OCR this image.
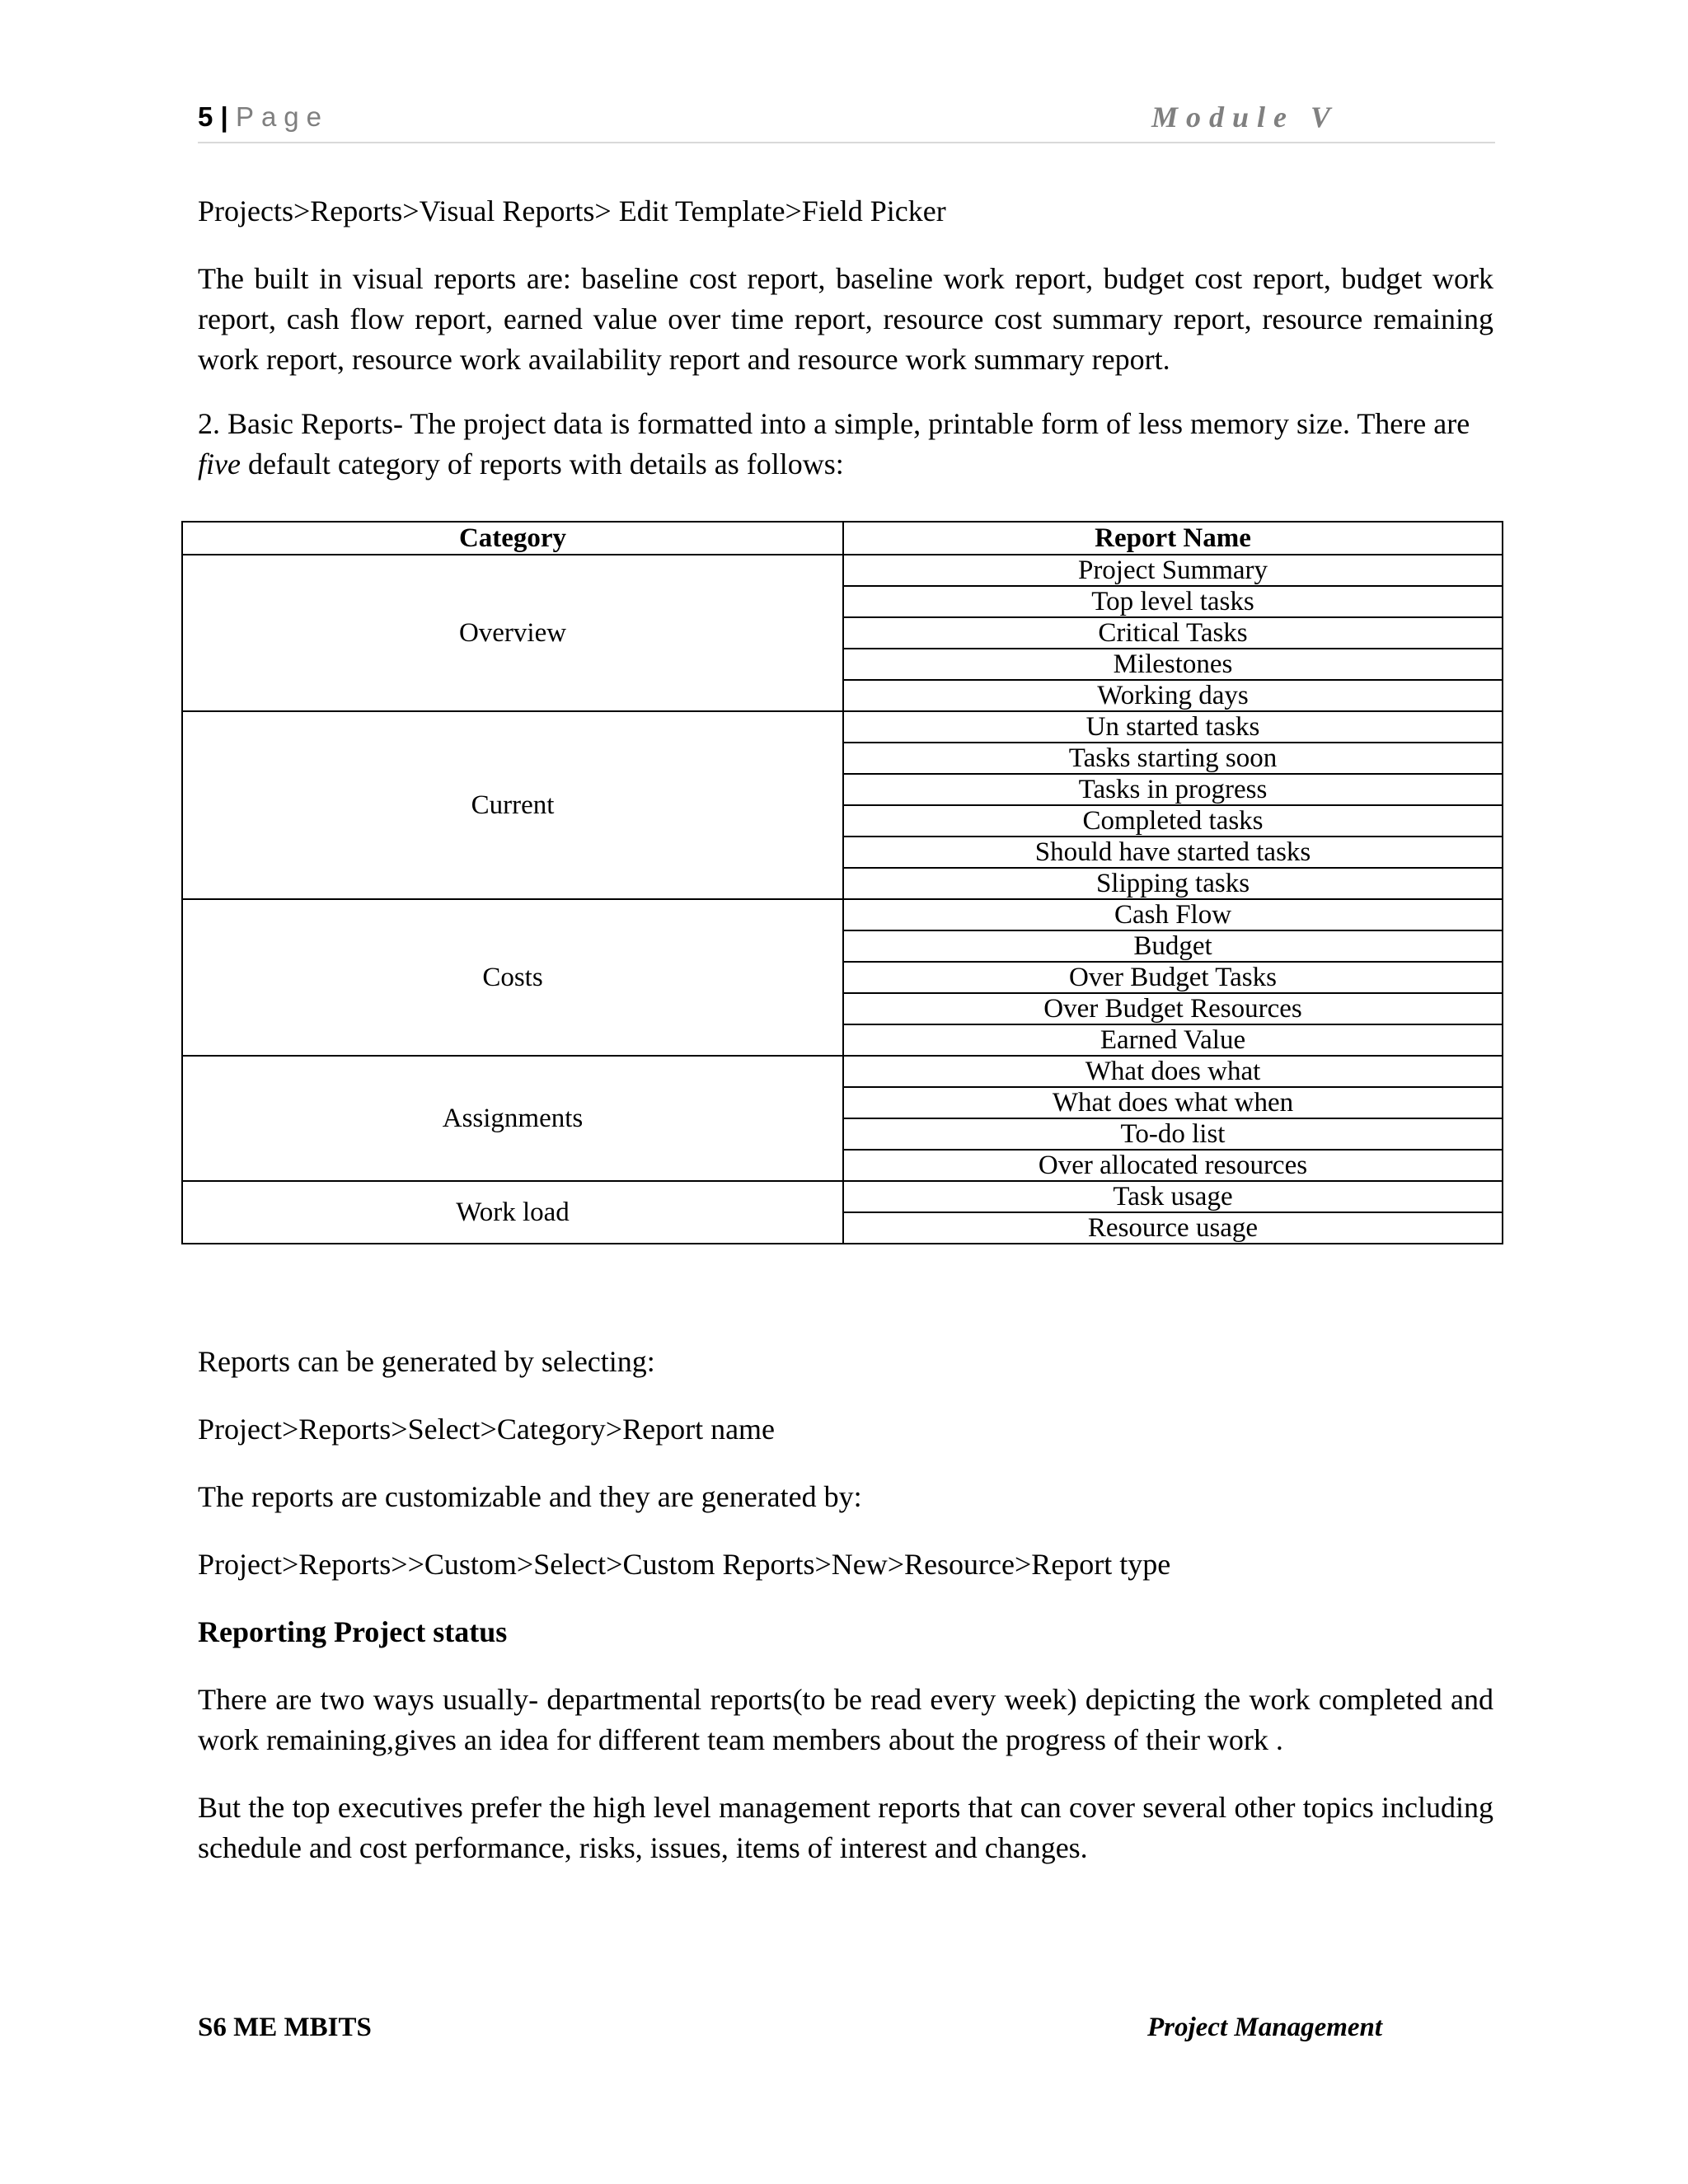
5 | Page	Module V

Projects>Reports>Visual Reports> Edit Template>Field Picker

The built in visual reports are: baseline cost report, baseline work report, budget cost report, budget work report, cash flow report, earned value over time report, resource cost summary report, resource remaining work report, resource work availability report and resource work summary report.

2. Basic Reports- The project data is formatted into a simple, printable form of less memory size. There are five default category of reports with details as follows:

Category	Report Name
Overview	Project Summary
	Top level tasks
	Critical Tasks
	Milestones
	Working days
Current	Un started tasks
	Tasks starting soon
	Tasks in progress
	Completed tasks
	Should have started tasks
	Slipping tasks
Costs	Cash Flow
	Budget
	Over Budget Tasks
	Over Budget Resources
	Earned Value
Assignments	What does what
	What does what when
	To-do list
	Over allocated resources
Work load	Task usage
	Resource usage

Reports can be generated by selecting:

Project>Reports>Select>Category>Report name

The reports are customizable and they are generated by:

Project>Reports>>Custom>Select>Custom Reports>New>Resource>Report type

Reporting Project status

There are two ways usually- departmental reports(to be read every week) depicting the work completed and work remaining,gives an idea for different team members about the progress of their work .

But the top executives prefer the high level management reports that can cover several other topics including schedule and cost performance, risks, issues, items of interest and changes.

S6 ME MBITS	Project Management
